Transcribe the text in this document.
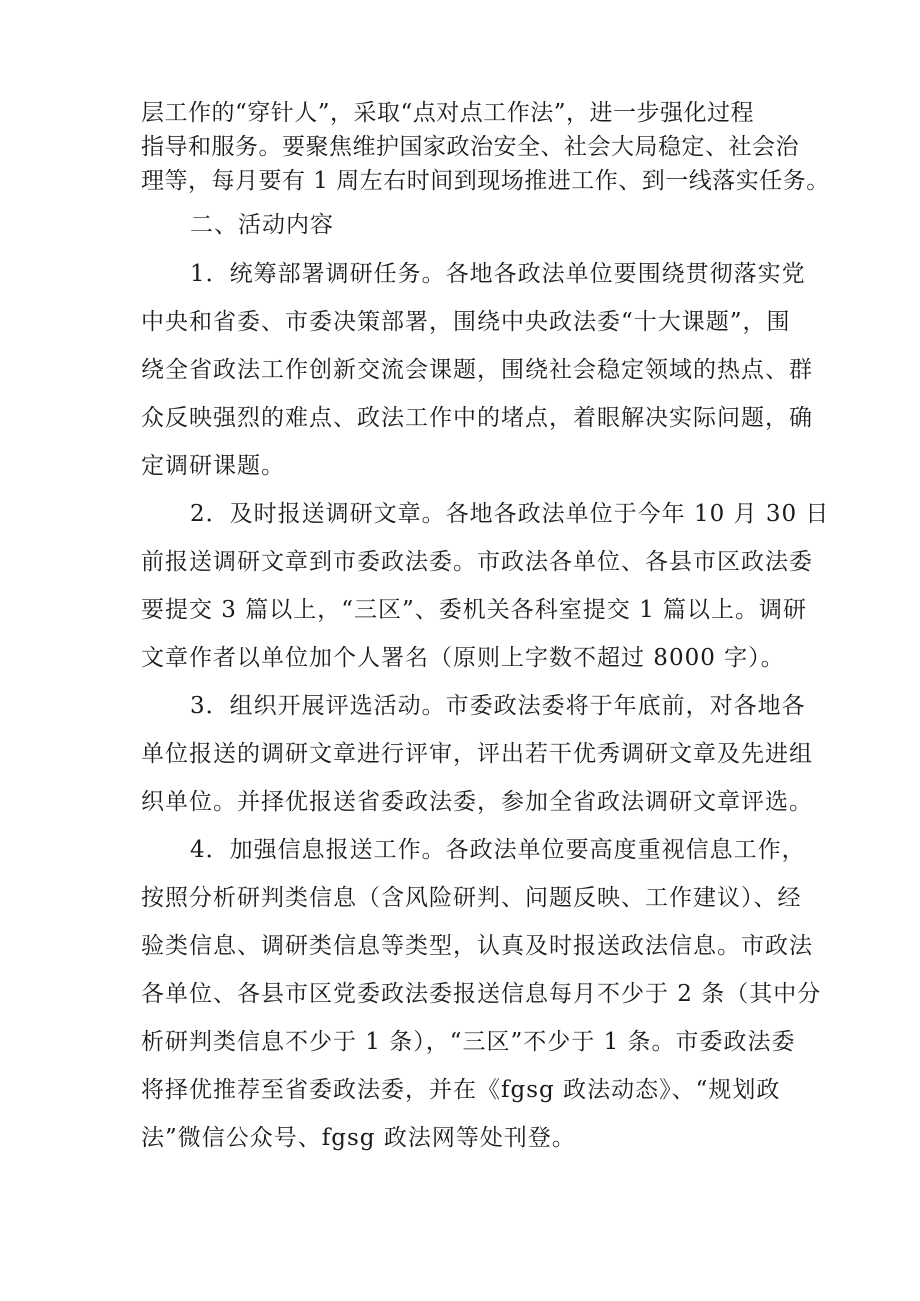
层工作的“穿针人”，采取“点对点工作法”，进一步强化过程
指导和服务。要聚焦维护国家政治安全、社会大局稳定、社会治
理等，每月要有 1 周左右时间到现场推进工作、到一线落实任务。
二、活动内容
1．统筹部署调研任务。各地各政法单位要围绕贯彻落实党
中央和省委、市委决策部署，围绕中央政法委“十大课题”，围
绕全省政法工作创新交流会课题，围绕社会稳定领域的热点、群
众反映强烈的难点、政法工作中的堵点，着眼解决实际问题，确
定调研课题。
2．及时报送调研文章。各地各政法单位于今年 10 月 30 日
前报送调研文章到市委政法委。市政法各单位、各县市区政法委
要提交 3 篇以上，“三区”、委机关各科室提交 1 篇以上。调研
文章作者以单位加个人署名（原则上字数不超过 8000 字）。
3．组织开展评选活动。市委政法委将于年底前，对各地各
单位报送的调研文章进行评审，评出若干优秀调研文章及先进组
织单位。并择优报送省委政法委，参加全省政法调研文章评选。
4．加强信息报送工作。各政法单位要高度重视信息工作，
按照分析研判类信息（含风险研判、问题反映、工作建议）、经
验类信息、调研类信息等类型，认真及时报送政法信息。市政法
各单位、各县市区党委政法委报送信息每月不少于 2 条（其中分
析研判类信息不少于 1 条），“三区”不少于 1 条。市委政法委
将择优推荐至省委政法委，并在《fgsg 政法动态》、“规划政
法”微信公众号、fgsg 政法网等处刊登。
